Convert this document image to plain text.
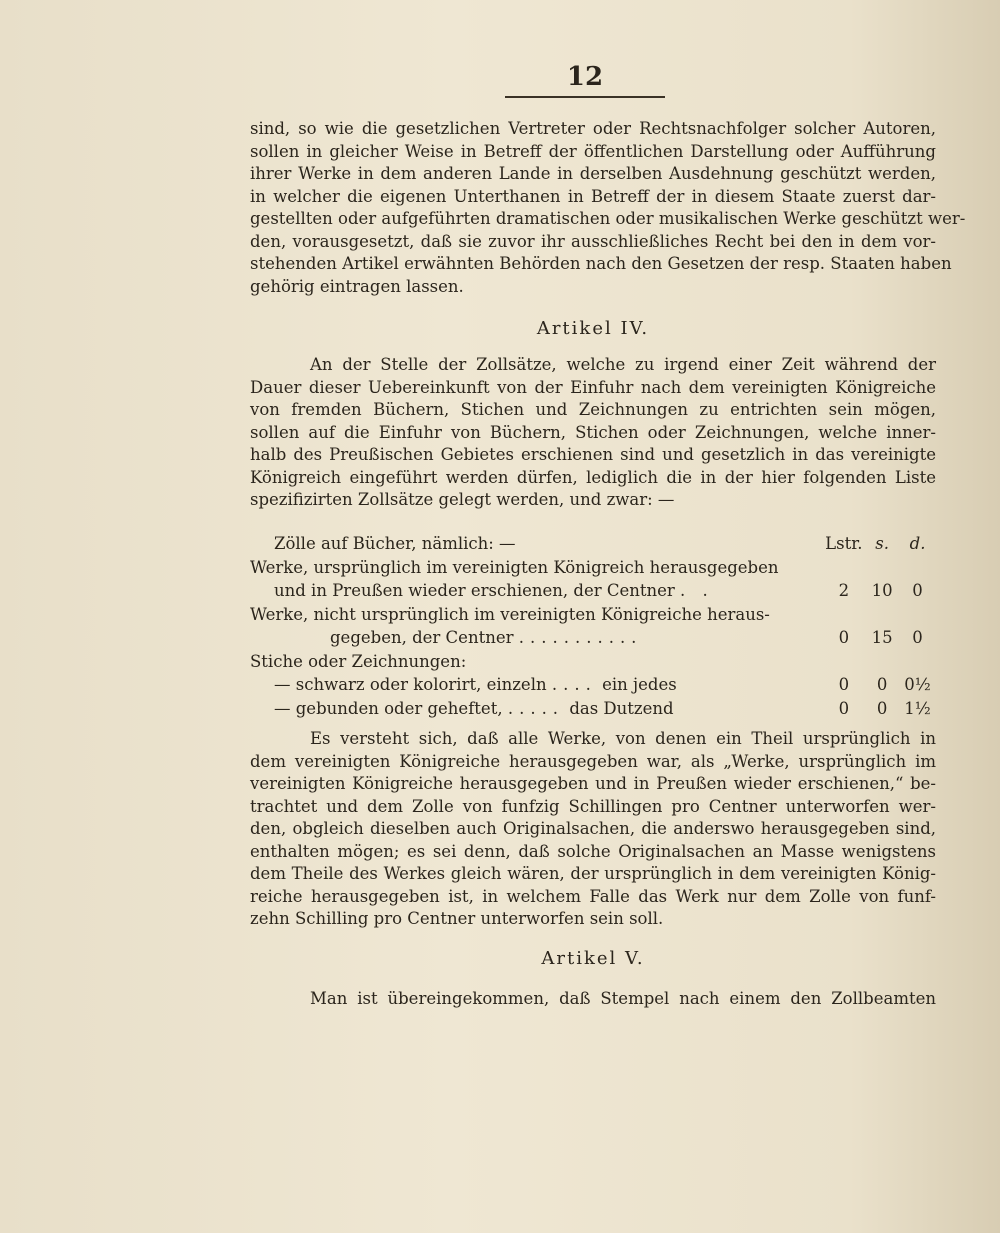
12
sind, so wie die gesetzlichen Vertreter oder Rechtsnachfolger solcher Autoren,
sollen in gleicher Weise in Betreff der öffentlichen Darstellung oder Aufführung
ihrer Werke in dem anderen Lande in derselben Ausdehnung geschützt werden,
in welcher die eigenen Unterthanen in Betreff der in diesem Staate zuerst dar-
gestellten oder aufgeführten dramatischen oder musikalischen Werke geschützt wer-
den, vorausgesetzt, daß sie zuvor ihr ausschließliches Recht bei den in dem vor-
stehenden Artikel erwähnten Behörden nach den Gesetzen der resp. Staaten haben
gehörig eintragen lassen.
Artikel IV.
An der Stelle der Zollsätze, welche zu irgend einer Zeit während der
Dauer dieser Uebereinkunft von der Einfuhr nach dem vereinigten Königreiche
von fremden Büchern, Stichen und Zeichnungen zu entrichten sein mögen,
sollen auf die Einfuhr von Büchern, Stichen oder Zeichnungen, welche inner-
halb des Preußischen Gebietes erschienen sind und gesetzlich in das vereinigte
Königreich eingeführt werden dürfen, lediglich die in der hier folgenden Liste
spezifizirten Zollsätze gelegt werden, und zwar: —
Zölle auf Bücher, nämlich: —	Lstr.	s.	d.
Werke, ursprünglich im vereinigten Königreich herausgegeben			
und in Preußen wieder erschienen, der Centner . .	2	10	0
Werke, nicht ursprünglich im vereinigten Königreiche heraus-			
gegeben, der Centner ...........	0	15	0
Stiche oder Zeichnungen:			
— schwarz oder kolorirt, einzeln .... ein jedes	0	0	0½
— gebunden oder geheftet, ..... das Dutzend	0	0	1½
Es versteht sich, daß alle Werke, von denen ein Theil ursprünglich in
dem vereinigten Königreiche herausgegeben war, als „Werke, ursprünglich im
vereinigten Königreiche herausgegeben und in Preußen wieder erschienen,“ be-
trachtet und dem Zolle von funfzig Schillingen pro Centner unterworfen wer-
den, obgleich dieselben auch Originalsachen, die anderswo herausgegeben sind,
enthalten mögen; es sei denn, daß solche Originalsachen an Masse wenigstens
dem Theile des Werkes gleich wären, der ursprünglich in dem vereinigten König-
reiche herausgegeben ist, in welchem Falle das Werk nur dem Zolle von funf-
zehn Schilling pro Centner unterworfen sein soll.
Artikel V.
Man ist übereingekommen, daß Stempel nach einem den Zollbeamten
